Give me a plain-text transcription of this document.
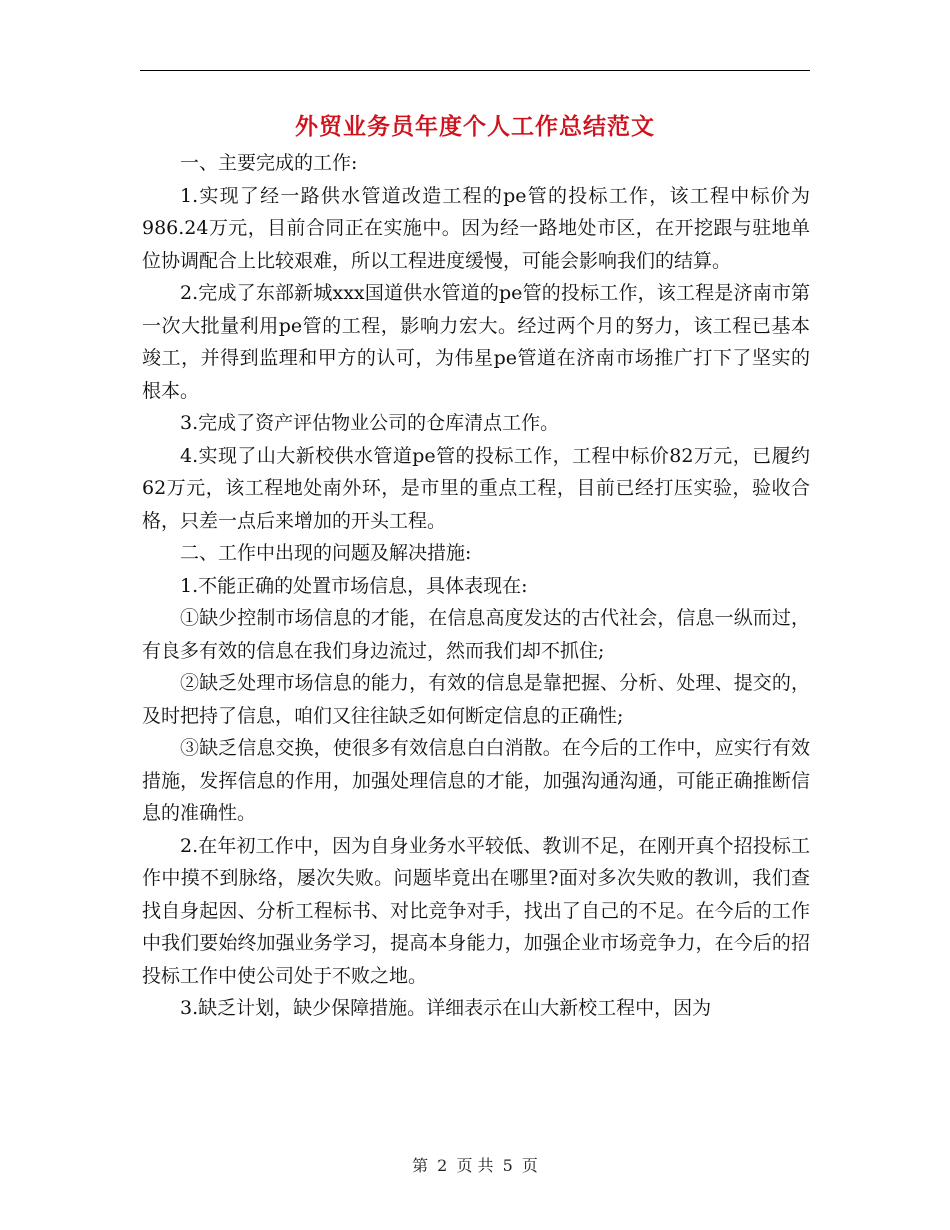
外贸业务员年度个人工作总结范文

一、主要完成的工作:

1.实现了经一路供水管道改造工程的pe管的投标工作，该工程中标价为986.24万元，目前合同正在实施中。因为经一路地处市区，在开挖跟与驻地单位协调配合上比较艰难，所以工程进度缓慢，可能会影响我们的结算。

2.完成了东部新城xxx国道供水管道的pe管的投标工作，该工程是济南市第一次大批量利用pe管的工程，影响力宏大。经过两个月的努力，该工程已基本竣工，并得到监理和甲方的认可，为伟星pe管道在济南市场推广打下了坚实的根本。

3.完成了资产评估物业公司的仓库清点工作。

4.实现了山大新校供水管道pe管的投标工作，工程中标价82万元，已履约62万元，该工程地处南外环，是市里的重点工程，目前已经打压实验，验收合格，只差一点后来增加的开头工程。

二、工作中出现的问题及解决措施:

1.不能正确的处置市场信息，具体表现在:

①缺少控制市场信息的才能，在信息高度发达的古代社会，信息一纵而过，有良多有效的信息在我们身边流过，然而我们却不抓住;

②缺乏处理市场信息的能力，有效的信息是靠把握、分析、处理、提交的，及时把持了信息，咱们又往往缺乏如何断定信息的正确性;

③缺乏信息交换，使很多有效信息白白消散。在今后的工作中，应实行有效措施，发挥信息的作用，加强处理信息的才能，加强沟通沟通，可能正确推断信息的准确性。

2.在年初工作中，因为自身业务水平较低、教训不足，在刚开真个招投标工作中摸不到脉络，屡次失败。问题毕竟出在哪里?面对多次失败的教训，我们查找自身起因、分析工程标书、对比竞争对手，找出了自己的不足。在今后的工作中我们要始终加强业务学习，提高本身能力，加强企业市场竞争力，在今后的招投标工作中使公司处于不败之地。

3.缺乏计划，缺少保障措施。详细表示在山大新校工程中，因为

第 2 页 共 5 页
